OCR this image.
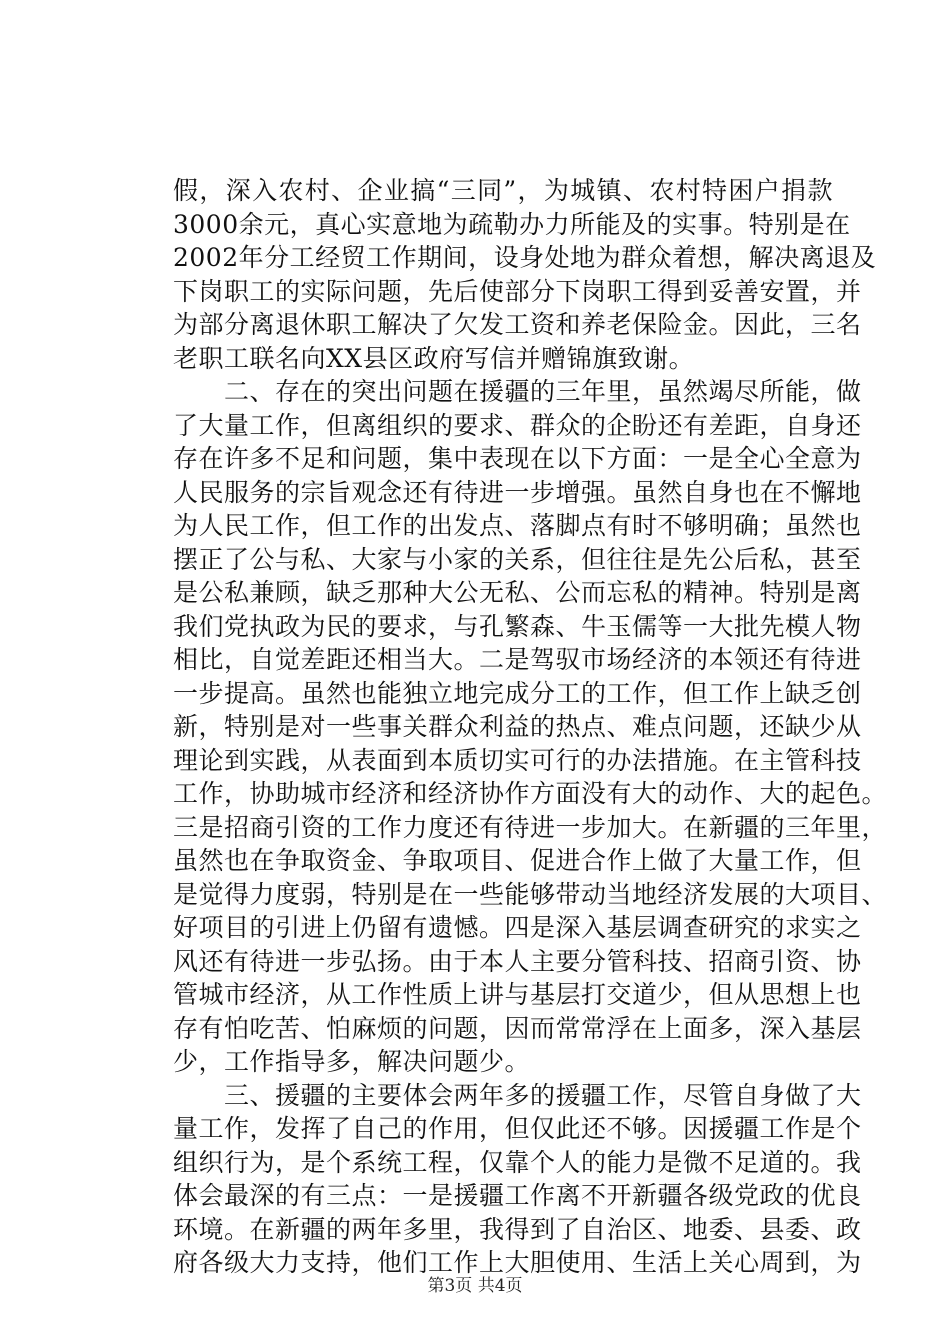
假，深入农村、企业搞“三同”，为城镇、农村特困户捐款
3000余元，真心实意地为疏勒办力所能及的实事。特别是在
2002年分工经贸工作期间，设身处地为群众着想，解决离退及
下岗职工的实际问题，先后使部分下岗职工得到妥善安置，并
为部分离退休职工解决了欠发工资和养老保险金。因此，三名
老职工联名向XX县区政府写信并赠锦旗致谢。
　　二、存在的突出问题在援疆的三年里，虽然竭尽所能，做
了大量工作，但离组织的要求、群众的企盼还有差距，自身还
存在许多不足和问题，集中表现在以下方面：一是全心全意为
人民服务的宗旨观念还有待进一步增强。虽然自身也在不懈地
为人民工作，但工作的出发点、落脚点有时不够明确；虽然也
摆正了公与私、大家与小家的关系，但往往是先公后私，甚至
是公私兼顾，缺乏那种大公无私、公而忘私的精神。特别是离
我们党执政为民的要求，与孔繁森、牛玉儒等一大批先模人物
相比，自觉差距还相当大。二是驾驭市场经济的本领还有待进
一步提高。虽然也能独立地完成分工的工作，但工作上缺乏创
新，特别是对一些事关群众利益的热点、难点问题，还缺少从
理论到实践，从表面到本质切实可行的办法措施。在主管科技
工作，协助城市经济和经济协作方面没有大的动作、大的起色。
三是招商引资的工作力度还有待进一步加大。在新疆的三年里，
虽然也在争取资金、争取项目、促进合作上做了大量工作，但
是觉得力度弱，特别是在一些能够带动当地经济发展的大项目、
好项目的引进上仍留有遗憾。四是深入基层调查研究的求实之
风还有待进一步弘扬。由于本人主要分管科技、招商引资、协
管城市经济，从工作性质上讲与基层打交道少，但从思想上也
存有怕吃苦、怕麻烦的问题，因而常常浮在上面多，深入基层
少，工作指导多，解决问题少。
　　三、援疆的主要体会两年多的援疆工作，尽管自身做了大
量工作，发挥了自己的作用，但仅此还不够。因援疆工作是个
组织行为，是个系统工程，仅靠个人的能力是微不足道的。我
体会最深的有三点：一是援疆工作离不开新疆各级党政的优良
环境。在新疆的两年多里，我得到了自治区、地委、县委、政
府各级大力支持，他们工作上大胆使用、生活上关心周到，为
第3页 共4页
